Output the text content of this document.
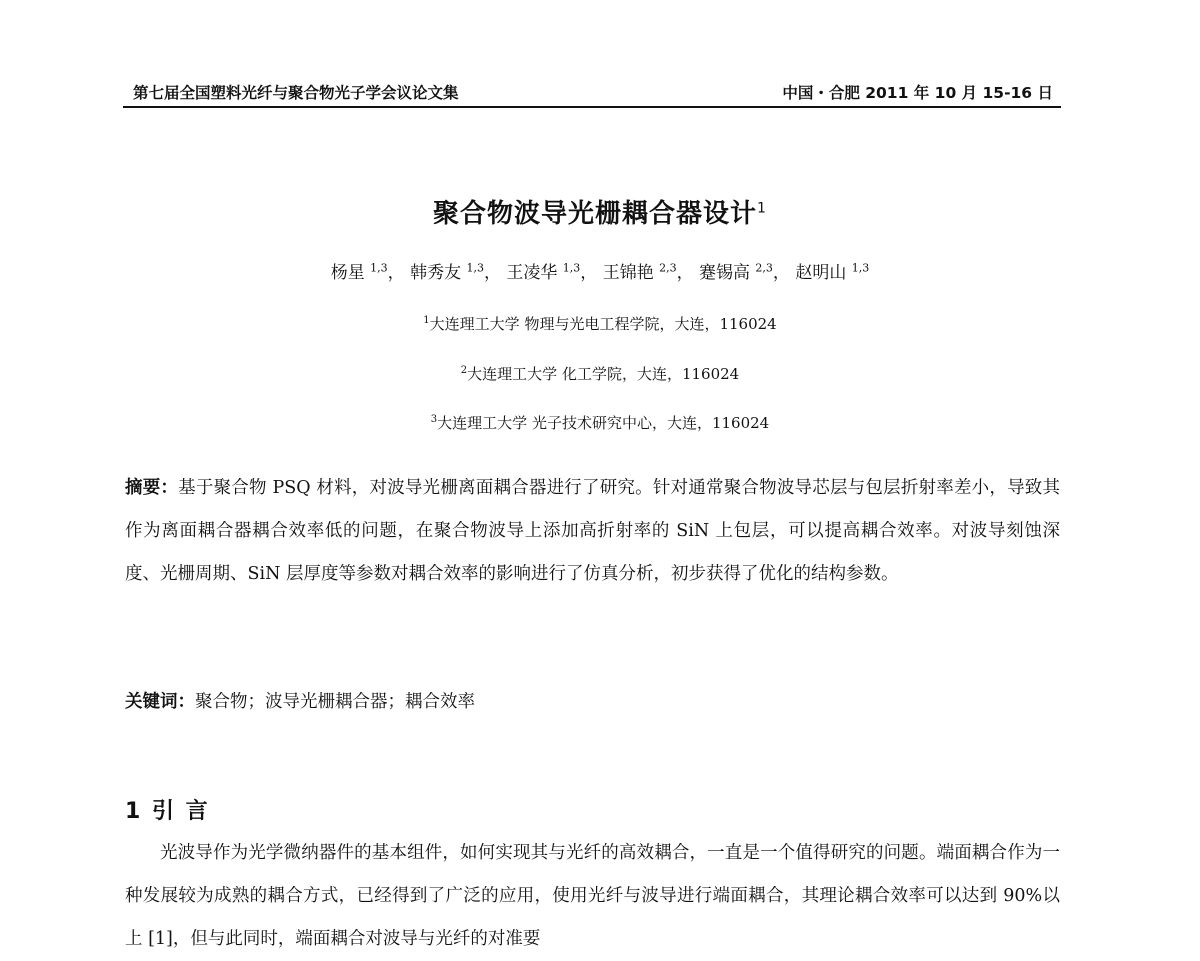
第七届全国塑料光纤与聚合物光子学会议论文集	中国・合肥 2011 年 10 月 15-16 日
聚合物波导光栅耦合器设计$^1$
杨星 $^{1,3}$， 韩秀友 $^{1,3}$， 王凌华 $^{1,3}$， 王锦艳 $^{2,3}$， 蹇锡高 $^{2,3}$， 赵明山 $^{1,3}$
$^1$大连理工大学 物理与光电工程学院，大连，116024
$^2$大连理工大学 化工学院，大连，116024
$^3$大连理工大学 光子技术研究中心，大连，116024
摘要：基于聚合物 PSQ 材料，对波导光栅离面耦合器进行了研究。针对通常聚合物波导芯层与包层折射率差小，导致其作为离面耦合器耦合效率低的问题，在聚合物波导上添加高折射率的 SiN 上包层，可以提高耦合效率。对波导刻蚀深度、光栅周期、SiN 层厚度等参数对耦合效率的影响进行了仿真分析，初步获得了优化的结构参数。
关键词：聚合物；波导光栅耦合器；耦合效率
1 引 言
光波导作为光学微纳器件的基本组件，如何实现其与光纤的高效耦合，一直是一个值得研究的问题。端面耦合作为一种发展较为成熟的耦合方式，已经得到了广泛的应用，使用光纤与波导进行端面耦合，其理论耦合效率可以达到 90%以上 [1]，但与此同时，端面耦合对波导与光纤的对准要
